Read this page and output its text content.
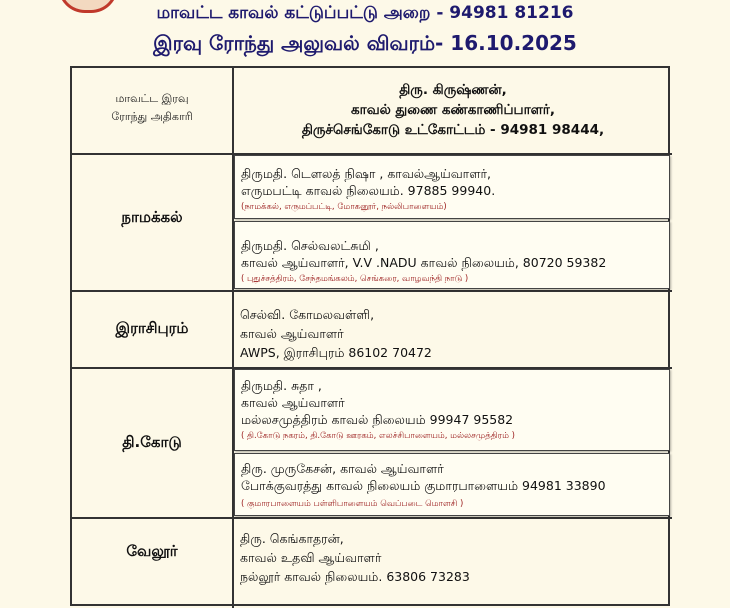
மாவட்ட காவல் கட்டுப்பட்டு அறை - 94981 81216
இரவு ரோந்து அலுவல் விவரம்- 16.10.2025
மாவட்ட இரவு
ரோந்து அதிகாரி
திரு. கிருஷ்ணன்,
காவல் துணை கண்காணிப்பாளர்,
திருச்செங்கோடு உட்கோட்டம் - 94981 98444,
நாமக்கல்
திருமதி. டௌலத் நிஷா , காவல்ஆய்வாளர்,
எருமபட்டி காவல் நிலையம். 97885 99940.
(நாமக்கல், எருமப்பட்டி, மோகனூர், நல்லிபாளையம்)
திருமதி. செல்வலட்சுமி ,
காவல் ஆய்வாளர், V.V .NADU காவல் நிலையம், 80720 59382
( புதுச்சத்திரம், சேந்தமங்கலம், செங்கரை, வாழவந்தி நாடு )
இராசிபுரம்
செல்வி. கோமலவள்ளி,
காவல் ஆய்வாளர்
AWPS, இராசிபுரம் 86102 70472
தி.கோடு
திருமதி. சுதா ,
காவல் ஆய்வாளர்
மல்லசமுத்திரம் காவல் நிலையம் 99947 95582
( தி.கோடு நகரம், தி.கோடு ஊரகம், எலச்சிபாளையம், மல்லசமுத்திரம் )
திரு. முருகேசன், காவல் ஆய்வாளர்
போக்குவரத்து காவல் நிலையம் குமாரபாளையம் 94981 33890
( குமாரபாளையம் பள்ளிபாளையம் வெப்படை மொளசி )
வேலூர்
திரு. கெங்காதரன்,
காவல் உதவி ஆய்வாளர்
நல்லூர் காவல் நிலையம். 63806 73283
